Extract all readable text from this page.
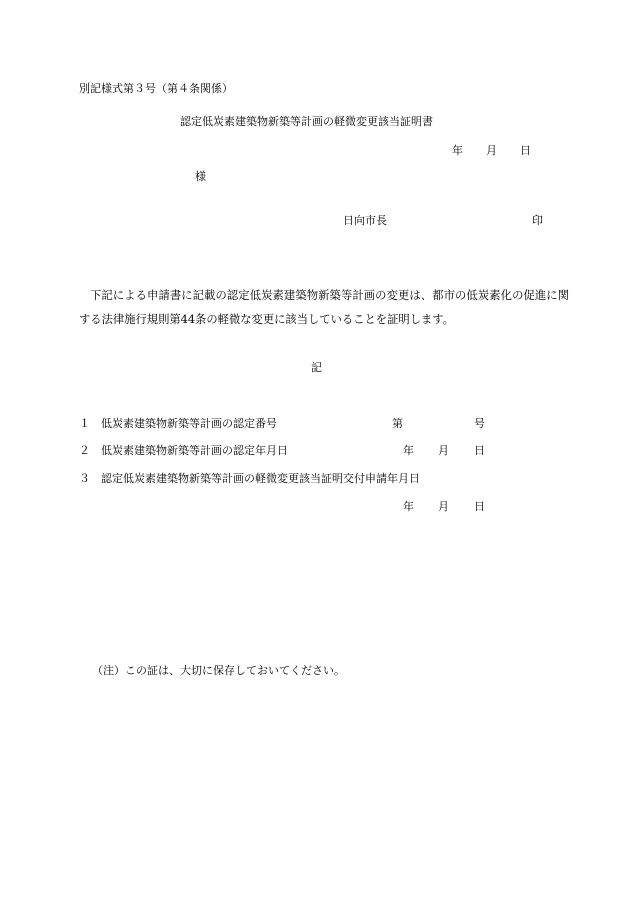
別記様式第３号（第４条関係）
認定低炭素建築物新築等計画の軽微変更該当証明書
年 月 日
様
日向市長	印
下記による申請書に記載の認定低炭素建築物新築等計画の変更は、都市の低炭素化の促進に関する法律施行規則第44条の軽微な変更に該当していることを証明します。
記
１ 低炭素建築物新築等計画の認定番号	第	号
２ 低炭素建築物新築等計画の認定年月日	年 月 日
３ 認定低炭素建築物新築等計画の軽微変更該当証明交付申請年月日
年 月 日
（注）この証は、大切に保存しておいてください。
